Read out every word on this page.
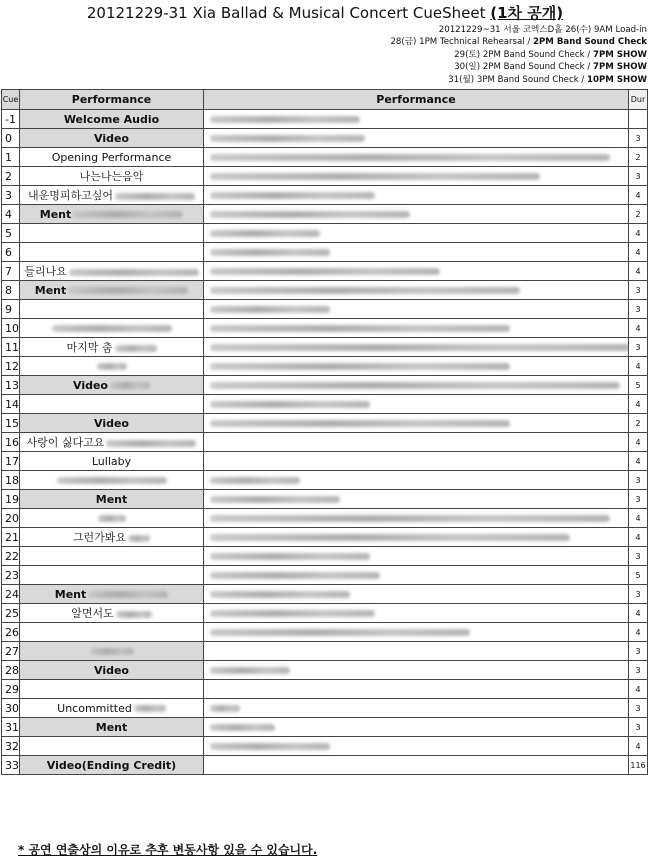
20121229-31 Xia Ballad & Musical Concert CueSheet (1차 공개)
20121229~31 서울 코엑스D홀 26(수) 9AM Load-in
28(금) 1PM Technical Rehearsal / 2PM Band Sound Check
29(토) 2PM Band Sound Check / 7PM SHOW
30(일) 2PM Band Sound Check / 7PM SHOW
31(월) 3PM Band Sound Check / 10PM SHOW
Cue	Performance	Performance	Dur
-1	Welcome Audio		
0	Video		3
1	Opening Performance		2
2	나는나는음악		3
3	내운명피하고싶어		4
4	Ment		2
5			4
6			4
7	들리나요		4
8	Ment		3
9			3
10			4
11	마지막 춤		3
12			4
13	Video		5
14			4
15	Video		2
16	사랑이 싫다고요		4
17	Lullaby		4
18			3
19	Ment		3
20			4
21	그런가봐요		4
22			3
23			5
24	Ment		3
25	알면서도		4
26			4
27			3
28	Video		3
29			4
30	Uncommitted		3
31	Ment		3
32			4
33	Video(Ending Credit)		116
* 공연 연출상의 이유로 추후 변동사항 있을 수 있습니다.
